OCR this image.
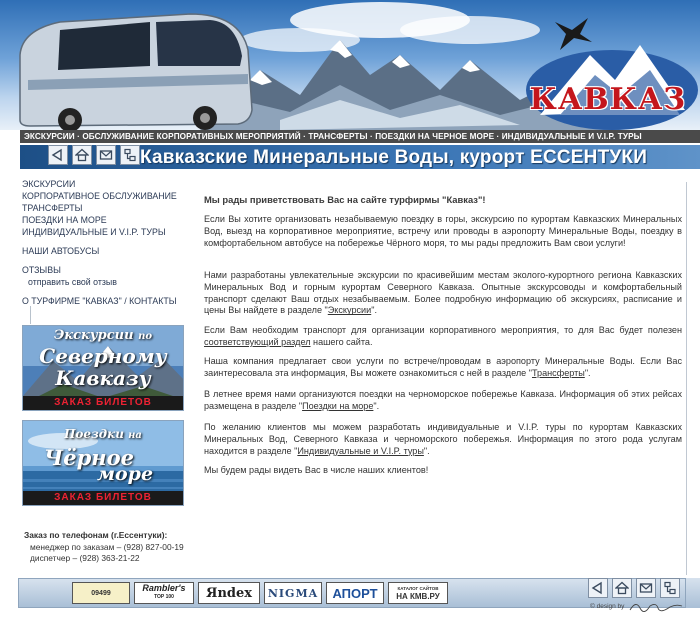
КАВКАЗ
ЭКСКУРСИИ · ОБСЛУЖИВАНИЕ КОРПОРАТИВНЫХ МЕРОПРИЯТИЙ · ТРАНСФЕРТЫ · ПОЕЗДКИ НА ЧЕРНОЕ МОРЕ · ИНДИВИДУАЛЬНЫЕ И V.I.P. ТУРЫ
Кавказские Минеральные Воды, курорт ЕССЕНТУКИ
ЭКСКУРСИИ
КОРПОРАТИВНОЕ ОБСЛУЖИВАНИЕ
ТРАНСФЕРТЫ
ПОЕЗДКИ НА МОРЕ
ИНДИВИДУАЛЬНЫЕ И V.I.P. ТУРЫ
НАШИ АВТОБУСЫ
ОТЗЫВЫ
отправить свой отзыв
О ТУРФИРМЕ "КАВКАЗ" / КОНТАКТЫ
Экскурсии по
Северному
Кавказу
ЗАКАЗ БИЛЕТОВ
Поездки на
Чёрное
море
ЗАКАЗ БИЛЕТОВ
Заказ по телефонам (г.Ессентуки):
менеджер по заказам – (928) 827-00-19
диспетчер – (928) 363-21-22
Мы рады приветствовать Вас на сайте турфирмы "Кавказ"!

Если Вы хотите организовать незабываемую поездку в горы, экскурсию по курортам Кавказских Минеральных Вод, выезд на корпоративное мероприятие, встречу или проводы в аэропорту Минеральные Воды, поездку в комфортабельном автобусе на побережье Чёрного моря, то мы рады предложить Вам свои услуги!

Нами разработаны увлекательные экскурсии по красивейшим местам эколого-курортного региона Кавказских Минеральных Вод и горным курортам Северного Кавказа. Опытные экскурсоводы и комфортабельный транспорт сделают Ваш отдых незабываемым. Более подробную информацию об экскурсиях, расписание и цены Вы найдете в разделе "Экскурсии".

Если Вам необходим транспорт для организации корпоративного мероприятия, то для Вас будет полезен соответствующий раздел нашего сайта.

Наша компания предлагает свои услуги по встрече/проводам в аэропорту Минеральные Воды. Если Вас заинтересовала эта информация, Вы можете ознакомиться с ней в разделе "Трансферты".

В летнее время нами организуются поездки на черноморское побережье Кавказа. Информация об этих рейсах размещена в разделе "Поездки на море".

По желанию клиентов мы можем разработать индивидуальные и V.I.P. туры по курортам Кавказских Минеральных Вод, Северного Кавказа и черноморского побережья. Информация по этого рода услугам находится в разделе "Индивидуальные и V.I.P. туры".

Мы будем рады видеть Вас в числе наших клиентов!

09499	Rambler's
TOP 100 Яndex NIGMA АПОРТ	КАТАЛОГ САЙТОВ
НА КМВ.РУ
© design by
